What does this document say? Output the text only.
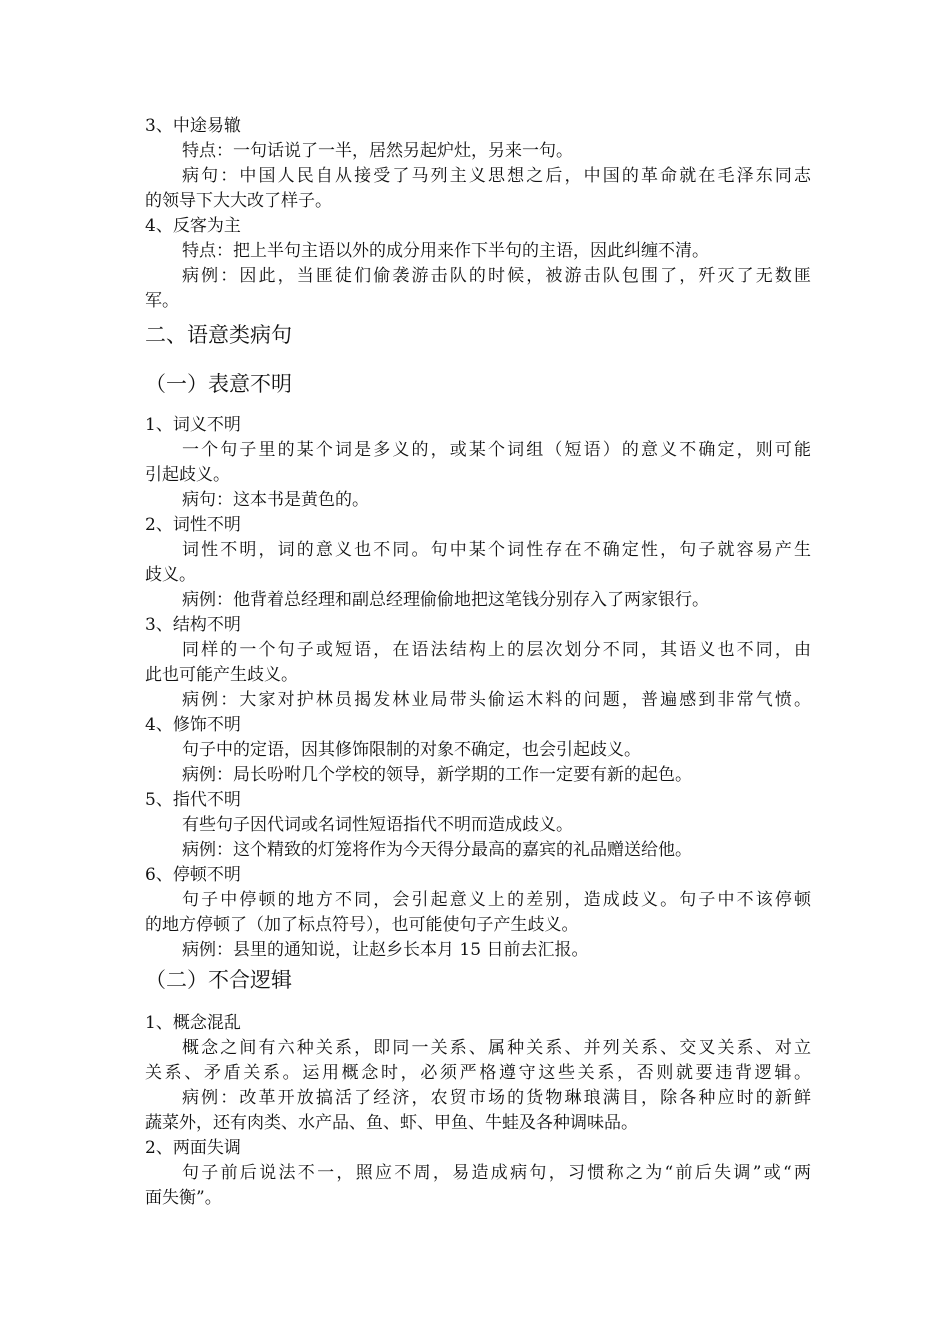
3、中途易辙
特点：一句话说了一半，居然另起炉灶，另来一句。
病句：中国人民自从接受了马列主义思想之后，中国的革命就在毛泽东同志
的领导下大大改了样子。
4、反客为主
特点：把上半句主语以外的成分用来作下半句的主语，因此纠缠不清。
病例：因此，当匪徒们偷袭游击队的时候，被游击队包围了，歼灭了无数匪
军。
二、语意类病句
（一）表意不明
1、词义不明
一个句子里的某个词是多义的，或某个词组（短语）的意义不确定，则可能
引起歧义。
病句：这本书是黄色的。
2、词性不明
词性不明，词的意义也不同。句中某个词性存在不确定性，句子就容易产生
歧义。
病例：他背着总经理和副总经理偷偷地把这笔钱分别存入了两家银行。
3、结构不明
同样的一个句子或短语，在语法结构上的层次划分不同，其语义也不同，由
此也可能产生歧义。
病例：大家对护林员揭发林业局带头偷运木料的问题，普遍感到非常气愤。
4、修饰不明
句子中的定语，因其修饰限制的对象不确定，也会引起歧义。
病例：局长吩咐几个学校的领导，新学期的工作一定要有新的起色。
5、指代不明
有些句子因代词或名词性短语指代不明而造成歧义。
病例：这个精致的灯笼将作为今天得分最高的嘉宾的礼品赠送给他。
6、停顿不明
句子中停顿的地方不同，会引起意义上的差别，造成歧义。句子中不该停顿
的地方停顿了（加了标点符号），也可能使句子产生歧义。
病例：县里的通知说，让赵乡长本月 15 日前去汇报。
（二）不合逻辑
1、概念混乱
概念之间有六种关系，即同一关系、属种关系、并列关系、交叉关系、对立
关系、矛盾关系。运用概念时，必须严格遵守这些关系，否则就要违背逻辑。
病例：改革开放搞活了经济，农贸市场的货物琳琅满目，除各种应时的新鲜
蔬菜外，还有肉类、水产品、鱼、虾、甲鱼、牛蛙及各种调味品。
2、两面失调
句子前后说法不一，照应不周，易造成病句，习惯称之为“前后失调”或“两
面失衡”。
